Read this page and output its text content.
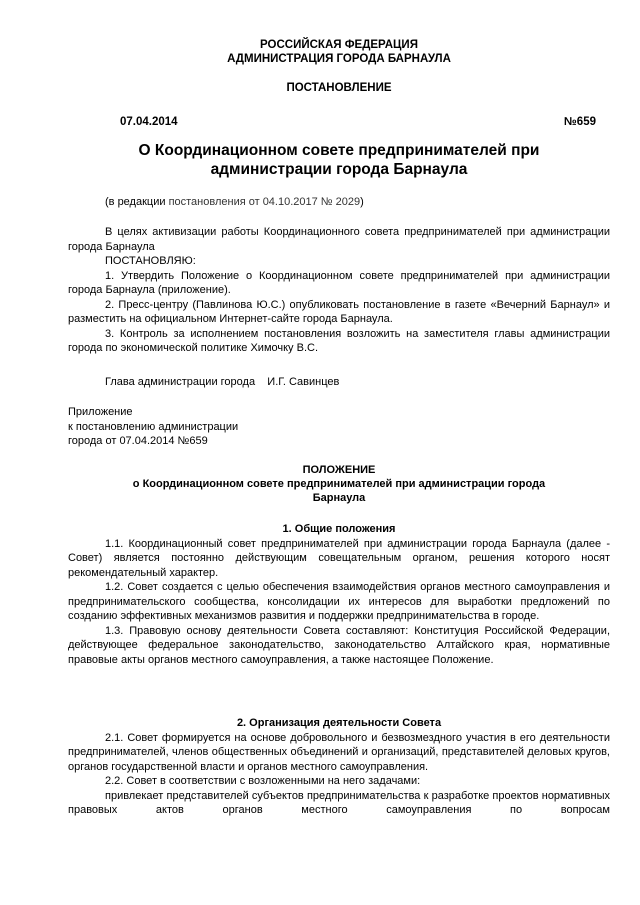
РОССИЙСКАЯ ФЕДЕРАЦИЯ
АДМИНИСТРАЦИЯ ГОРОДА БАРНАУЛА
ПОСТАНОВЛЕНИЕ
07.04.2014	№659
О Координационном совете предпринимателей при
администрации города Барнаула
(в редакции постановления от 04.10.2017 № 2029)

В целях активизации работы Координационного совета предпринимателей при администрации города Барнаула

ПОСТАНОВЛЯЮ:

1. Утвердить Положение о Координационном совете предпринимателей при администрации города Барнаула (приложение).

2. Пресс-центру (Павлинова Ю.С.) опубликовать постановление в газете «Вечерний Барнаул» и разместить на официальном Интернет-сайте города Барнаула.

3. Контроль за исполнением постановления возложить на заместителя главы администрации города по экономической политике Химочку В.С.

Глава администрации города    И.Г. Савинцев
Приложение
к постановлению администрации
города от 07.04.2014 №659
ПОЛОЖЕНИЕ
о Координационном совете предпринимателей при администрации города
Барнаула

1. Общие положения

1.1. Координационный совет предпринимателей при администрации города Барнаула (далее - Совет) является постоянно действующим совещательным органом, решения которого носят рекомендательный характер.

1.2. Совет создается с целью обеспечения взаимодействия органов местного самоуправления и предпринимательского сообщества, консолидации их интересов для выработки предложений по созданию эффективных механизмов развития и поддержки предпринимательства в городе.

1.3. Правовую основу деятельности Совета составляют: Конституция Российской Федерации, действующее федеральное законодательство, законодательство Алтайского края, нормативные правовые акты органов местного самоуправления, а также настоящее Положение.

2. Организация деятельности Совета

2.1. Совет формируется на основе добровольного и безвозмездного участия в его деятельности предпринимателей, членов общественных объединений и организаций, представителей деловых кругов, органов государственной власти и органов местного самоуправления.

2.2. Совет в соответствии с возложенными на него задачами:

привлекает представителей субъектов предпринимательства к разработке проектов нормативных правовых актов органов местного самоуправления по вопросам
